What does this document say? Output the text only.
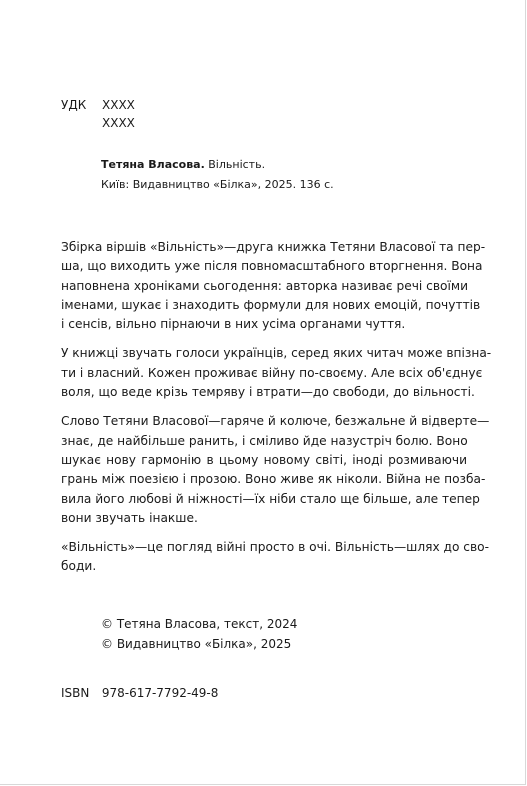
УДК	XXXX
XXXX
Тетяна Власова. Вільність.
Київ: Видавництво «Білка», 2025. 136 с.

Збірка віршів «Вільність»—друга книжка Тетяни Власової та пер-
ша, що виходить уже після повномасштабного вторгнення. Вона
наповнена хроніками сьогодення: авторка називає речі своїми
іменами, шукає і знаходить формули для нових емоцій, почуттів
і сенсів, вільно пірнаючи в них усіма органами чуття.

У книжці звучать голоси українців, серед яких читач може впізна-
ти і власний. Кожен проживає війну по-своєму. Але всіх об'єднує
воля, що веде крізь темряву і втрати—до свободи, до вільності.

Слово Тетяни Власової—гаряче й колюче, безжальне й відверте—
знає, де найбільше ранить, і сміливо йде назустріч болю. Воно
шукає нову гармонію в цьому новому світі, іноді розмиваючи
грань між поезією і прозою. Воно живе як ніколи. Війна не позба-
вила його любові й ніжності—їх ніби стало ще більше, але тепер
вони звучать інакше.

«Вільність»—це погляд війні просто в очі. Вільність—шлях до сво-
боди.

© Тетяна Власова, текст, 2024
© Видавництво «Білка», 2025
ISBN 978-617-7792-49-8
